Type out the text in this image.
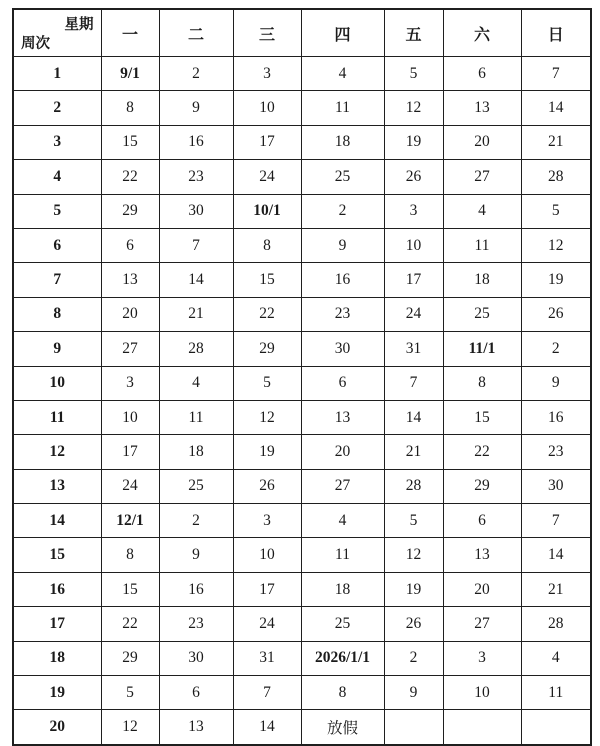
星期
周次	一	二	三	四	五	六	日
1	9/1	2	3	4	5	6	7
2	8	9	10	11	12	13	14
3	15	16	17	18	19	20	21
4	22	23	24	25	26	27	28
5	29	30	10/1	2	3	4	5
6	6	7	8	9	10	11	12
7	13	14	15	16	17	18	19
8	20	21	22	23	24	25	26
9	27	28	29	30	31	11/1	2
10	3	4	5	6	7	8	9
11	10	11	12	13	14	15	16
12	17	18	19	20	21	22	23
13	24	25	26	27	28	29	30
14	12/1	2	3	4	5	6	7
15	8	9	10	11	12	13	14
16	15	16	17	18	19	20	21
17	22	23	24	25	26	27	28
18	29	30	31	2026/1/1	2	3	4
19	5	6	7	8	9	10	11
20	12	13	14	放假			
